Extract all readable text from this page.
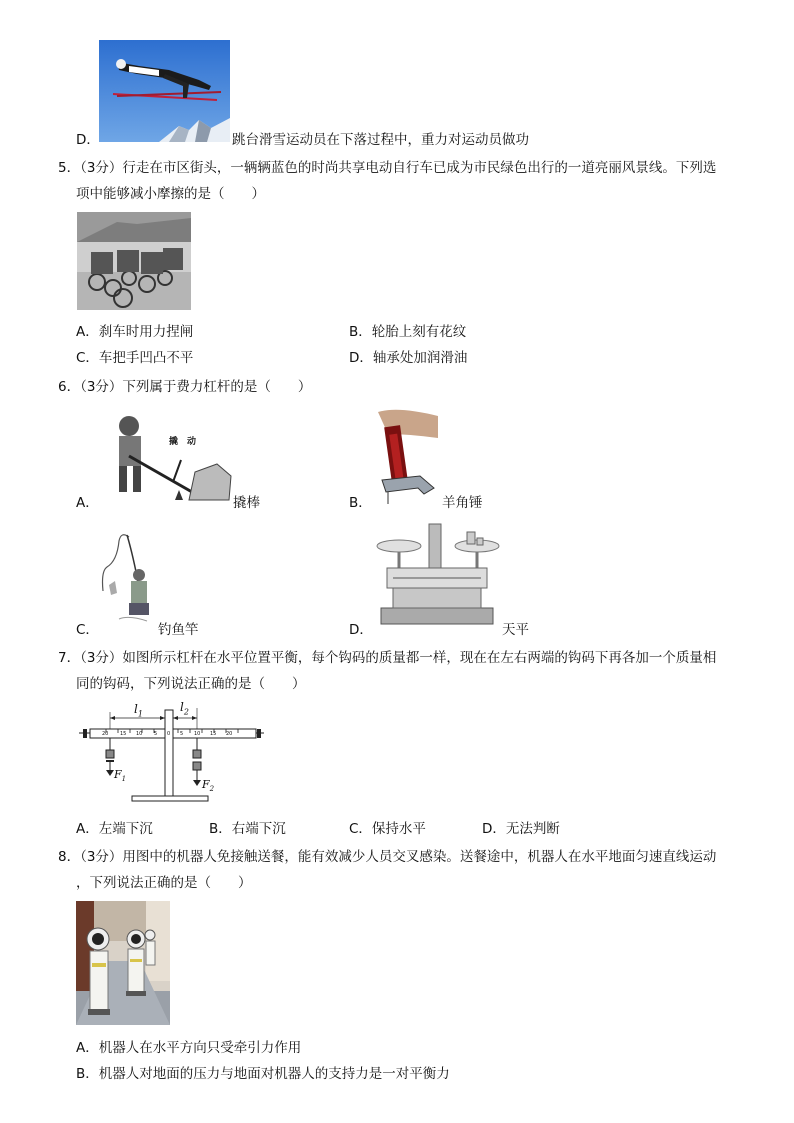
D．	跳台滑雪运动员在下落过程中，重力对运动员做功
5．（3分）行走在市区街头，一辆辆蓝色的时尚共享电动自行车已成为市民绿色出行的一道亮丽风景线。下列选
项中能够减小摩擦的是（　　）
A．刹车时用力捏闸	B．轮胎上刻有花纹
C．车把手凹凸不平	D．轴承处加润滑油
6．（3分）下列属于费力杠杆的是（　　）
撬　动
A．	撬棒	B．	羊角锤
C．	钓鱼竿	D．	天平
7．（3分）如图所示杠杆在水平位置平衡，每个钩码的质量都一样，现在在左右两端的钩码下再各加一个质量相
同的钩码，下列说法正确的是（　　）
20 15 10 5 0 5 10 15 20
$l_1$	$l_2$
$F_1$	$F_2$
A．左端下沉	B．右端下沉	C．保持水平	D．无法判断
8．（3分）用图中的机器人免接触送餐，能有效减少人员交叉感染。送餐途中，机器人在水平地面匀速直线运动
，下列说法正确的是（　　）
A．机器人在水平方向只受牵引力作用
B．机器人对地面的压力与地面对机器人的支持力是一对平衡力
